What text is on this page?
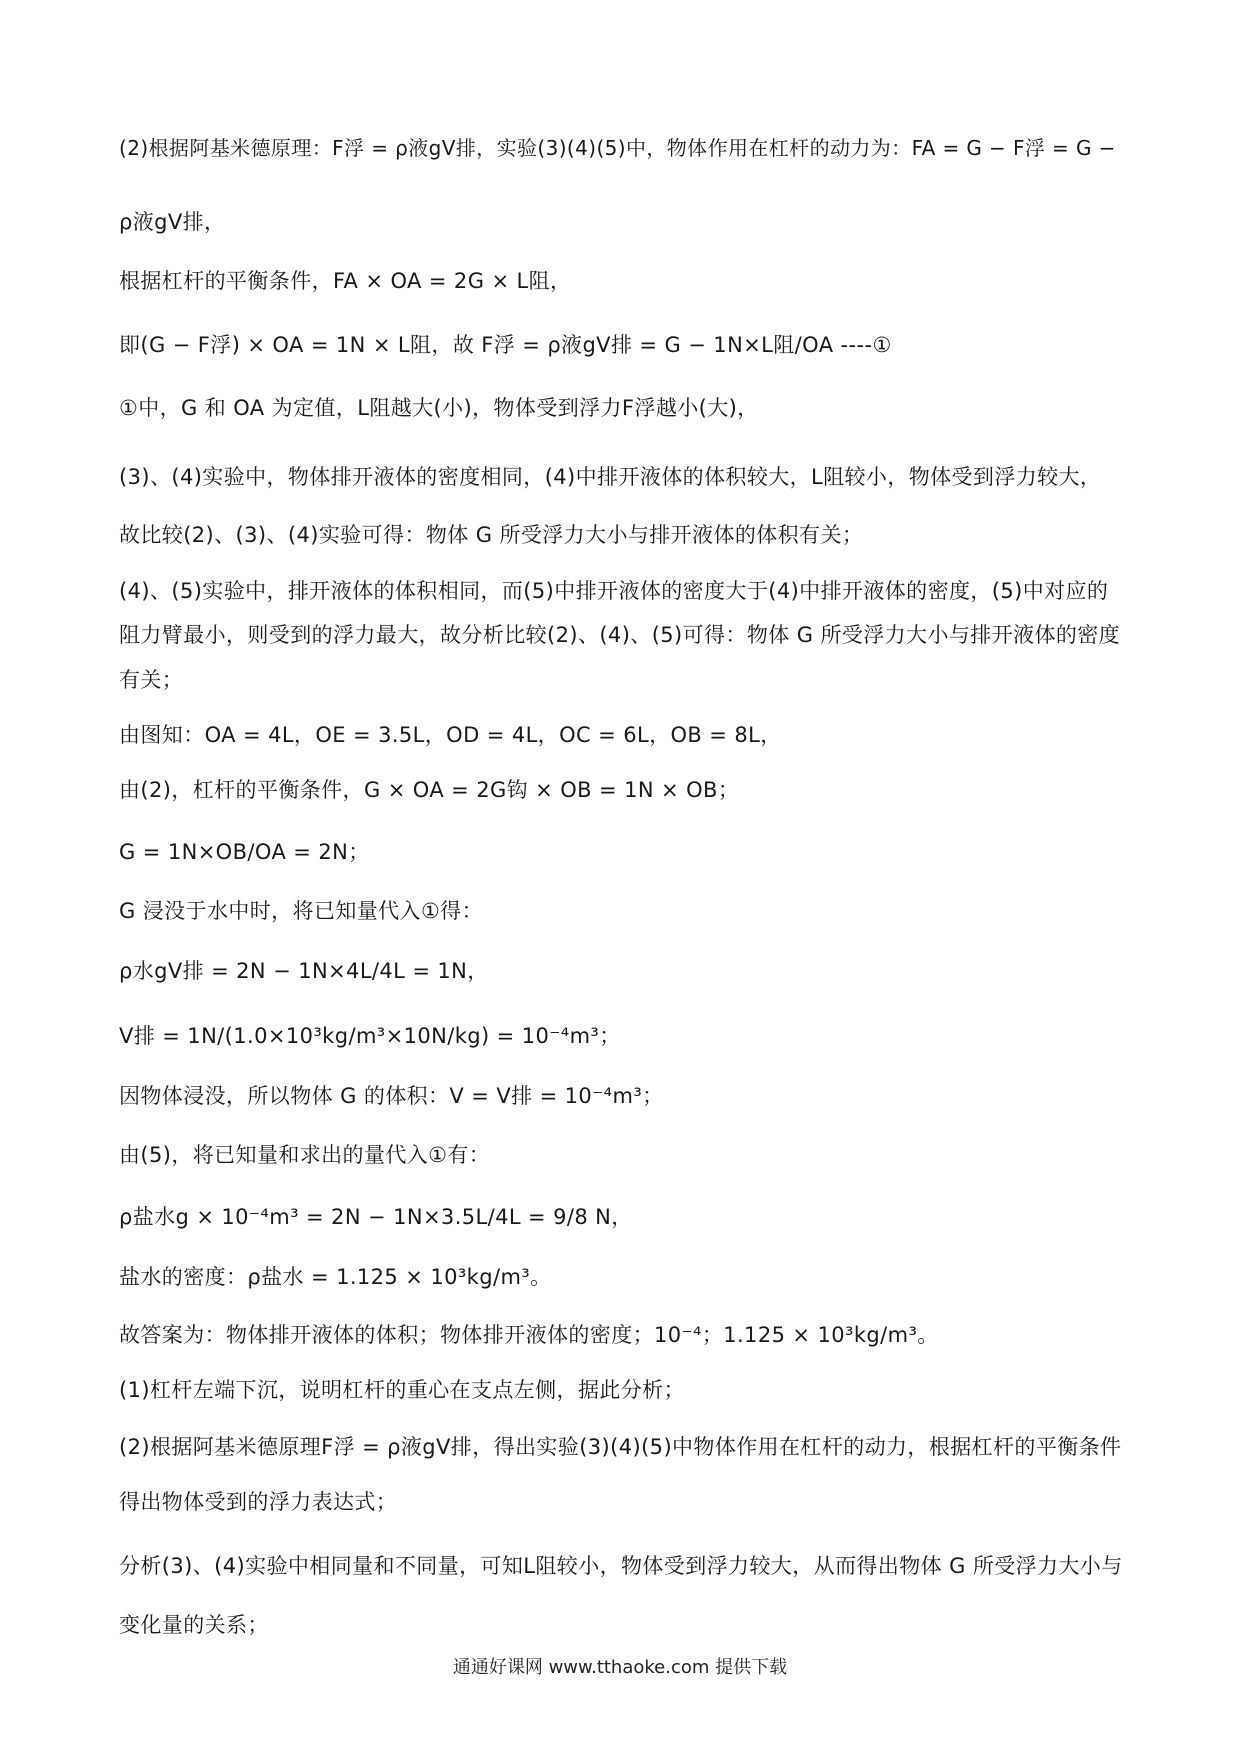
(2)根据阿基米德原理：F浮 = ρ液gV排，实验(3)(4)(5)中，物体作用在杠杆的动力为：FA = G − F浮 = G −
ρ液gV排，
根据杠杆的平衡条件，FA × OA = 2G × L阻，
即(G − F浮) × OA = 1N × L阻，故 F浮 = ρ液gV排 = G − 1N×L阻/OA ----①
①中，G 和 OA 为定值，L阻越大(小)，物体受到浮力F浮越小(大)，
(3)、(4)实验中，物体排开液体的密度相同，(4)中排开液体的体积较大，L阻较小，物体受到浮力较大，
故比较(2)、(3)、(4)实验可得：物体 G 所受浮力大小与排开液体的体积有关；
(4)、(5)实验中，排开液体的体积相同，而(5)中排开液体的密度大于(4)中排开液体的密度，(5)中对应的
阻力臂最小，则受到的浮力最大，故分析比较(2)、(4)、(5)可得：物体 G 所受浮力大小与排开液体的密度
有关；
由图知：OA = 4L，OE = 3.5L，OD = 4L，OC = 6L，OB = 8L，
由(2)，杠杆的平衡条件，G × OA = 2G钩 × OB = 1N × OB；
G = 1N×OB/OA = 2N；
G 浸没于水中时，将已知量代入①得：
ρ水gV排 = 2N − 1N×4L/4L = 1N，
V排 = 1N/(1.0×10³kg/m³×10N/kg) = 10⁻⁴m³；
因物体浸没，所以物体 G 的体积：V = V排 = 10⁻⁴m³；
由(5)，将已知量和求出的量代入①有：
ρ盐水g × 10⁻⁴m³ = 2N − 1N×3.5L/4L = 9/8 N，
盐水的密度：ρ盐水 = 1.125 × 10³kg/m³。
故答案为：物体排开液体的体积；物体排开液体的密度；10⁻⁴；1.125 × 10³kg/m³。
(1)杠杆左端下沉，说明杠杆的重心在支点左侧，据此分析；
(2)根据阿基米德原理F浮 = ρ液gV排，得出实验(3)(4)(5)中物体作用在杠杆的动力，根据杠杆的平衡条件
得出物体受到的浮力表达式；
分析(3)、(4)实验中相同量和不同量，可知L阻较小，物体受到浮力较大，从而得出物体 G 所受浮力大小与
变化量的关系；
通通好课网 www.tthaoke.com 提供下载
